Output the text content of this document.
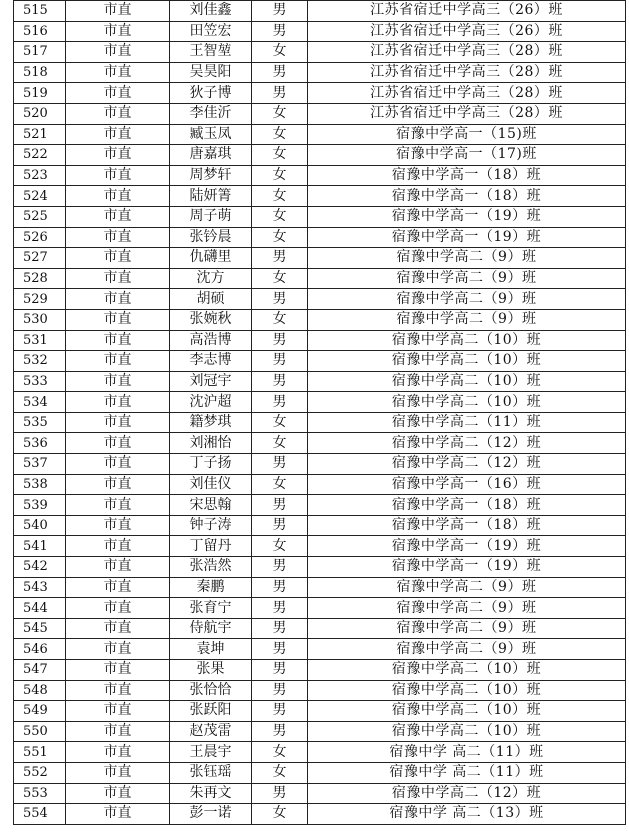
515	市直	刘佳鑫	男	江苏省宿迁中学高三（26）班
516	市直	田笠宏	男	江苏省宿迁中学高三（26）班
517	市直	王智堃	女	江苏省宿迁中学高三（28）班
518	市直	吴昊阳	男	江苏省宿迁中学高三（28）班
519	市直	狄子博	男	江苏省宿迁中学高三（28）班
520	市直	李佳沂	女	江苏省宿迁中学高三（28）班
521	市直	臧玉凤	女	宿豫中学高一（15)班
522	市直	唐嘉琪	女	宿豫中学高一（17)班
523	市直	周梦轩	女	宿豫中学高一（18）班
524	市直	陆妍箐	女	宿豫中学高一（18）班
525	市直	周子萌	女	宿豫中学高一（19）班
526	市直	张钤晨	女	宿豫中学高一（19）班
527	市直	仇礴里	男	宿豫中学高二（9）班
528	市直	沈方	女	宿豫中学高二（9）班
529	市直	胡硕	男	宿豫中学高二（9）班
530	市直	张婉秋	女	宿豫中学高二（9）班
531	市直	高浩博	男	宿豫中学高二（10）班
532	市直	李志博	男	宿豫中学高二（10）班
533	市直	刘冠宇	男	宿豫中学高二（10）班
534	市直	沈沪超	男	宿豫中学高二（10）班
535	市直	籍梦琪	女	宿豫中学高二（11）班
536	市直	刘湘怡	女	宿豫中学高二（12）班
537	市直	丁子扬	男	宿豫中学高二（12）班
538	市直	刘佳仪	女	宿豫中学高一（16）班
539	市直	宋思翰	男	宿豫中学高一（18）班
540	市直	钟子涛	男	宿豫中学高一（18）班
541	市直	丁留丹	女	宿豫中学高一（19）班
542	市直	张浩然	男	宿豫中学高一（19）班
543	市直	秦鹏	男	宿豫中学高二（9）班
544	市直	张育宁	男	宿豫中学高二（9）班
545	市直	侍航宇	男	宿豫中学高二（9）班
546	市直	袁坤	男	宿豫中学高二（9）班
547	市直	张果	男	宿豫中学高二（10）班
548	市直	张恰恰	男	宿豫中学高二（10）班
549	市直	张跃阳	男	宿豫中学高二（10）班
550	市直	赵茂雷	男	宿豫中学高二（10）班
551	市直	王晨宇	女	宿豫中学 高二（11）班
552	市直	张钰瑶	女	宿豫中学 高二（11）班
553	市直	朱再文	男	宿豫中学高二（12）班
554	市直	彭一诺	女	宿豫中学 高二（13）班
